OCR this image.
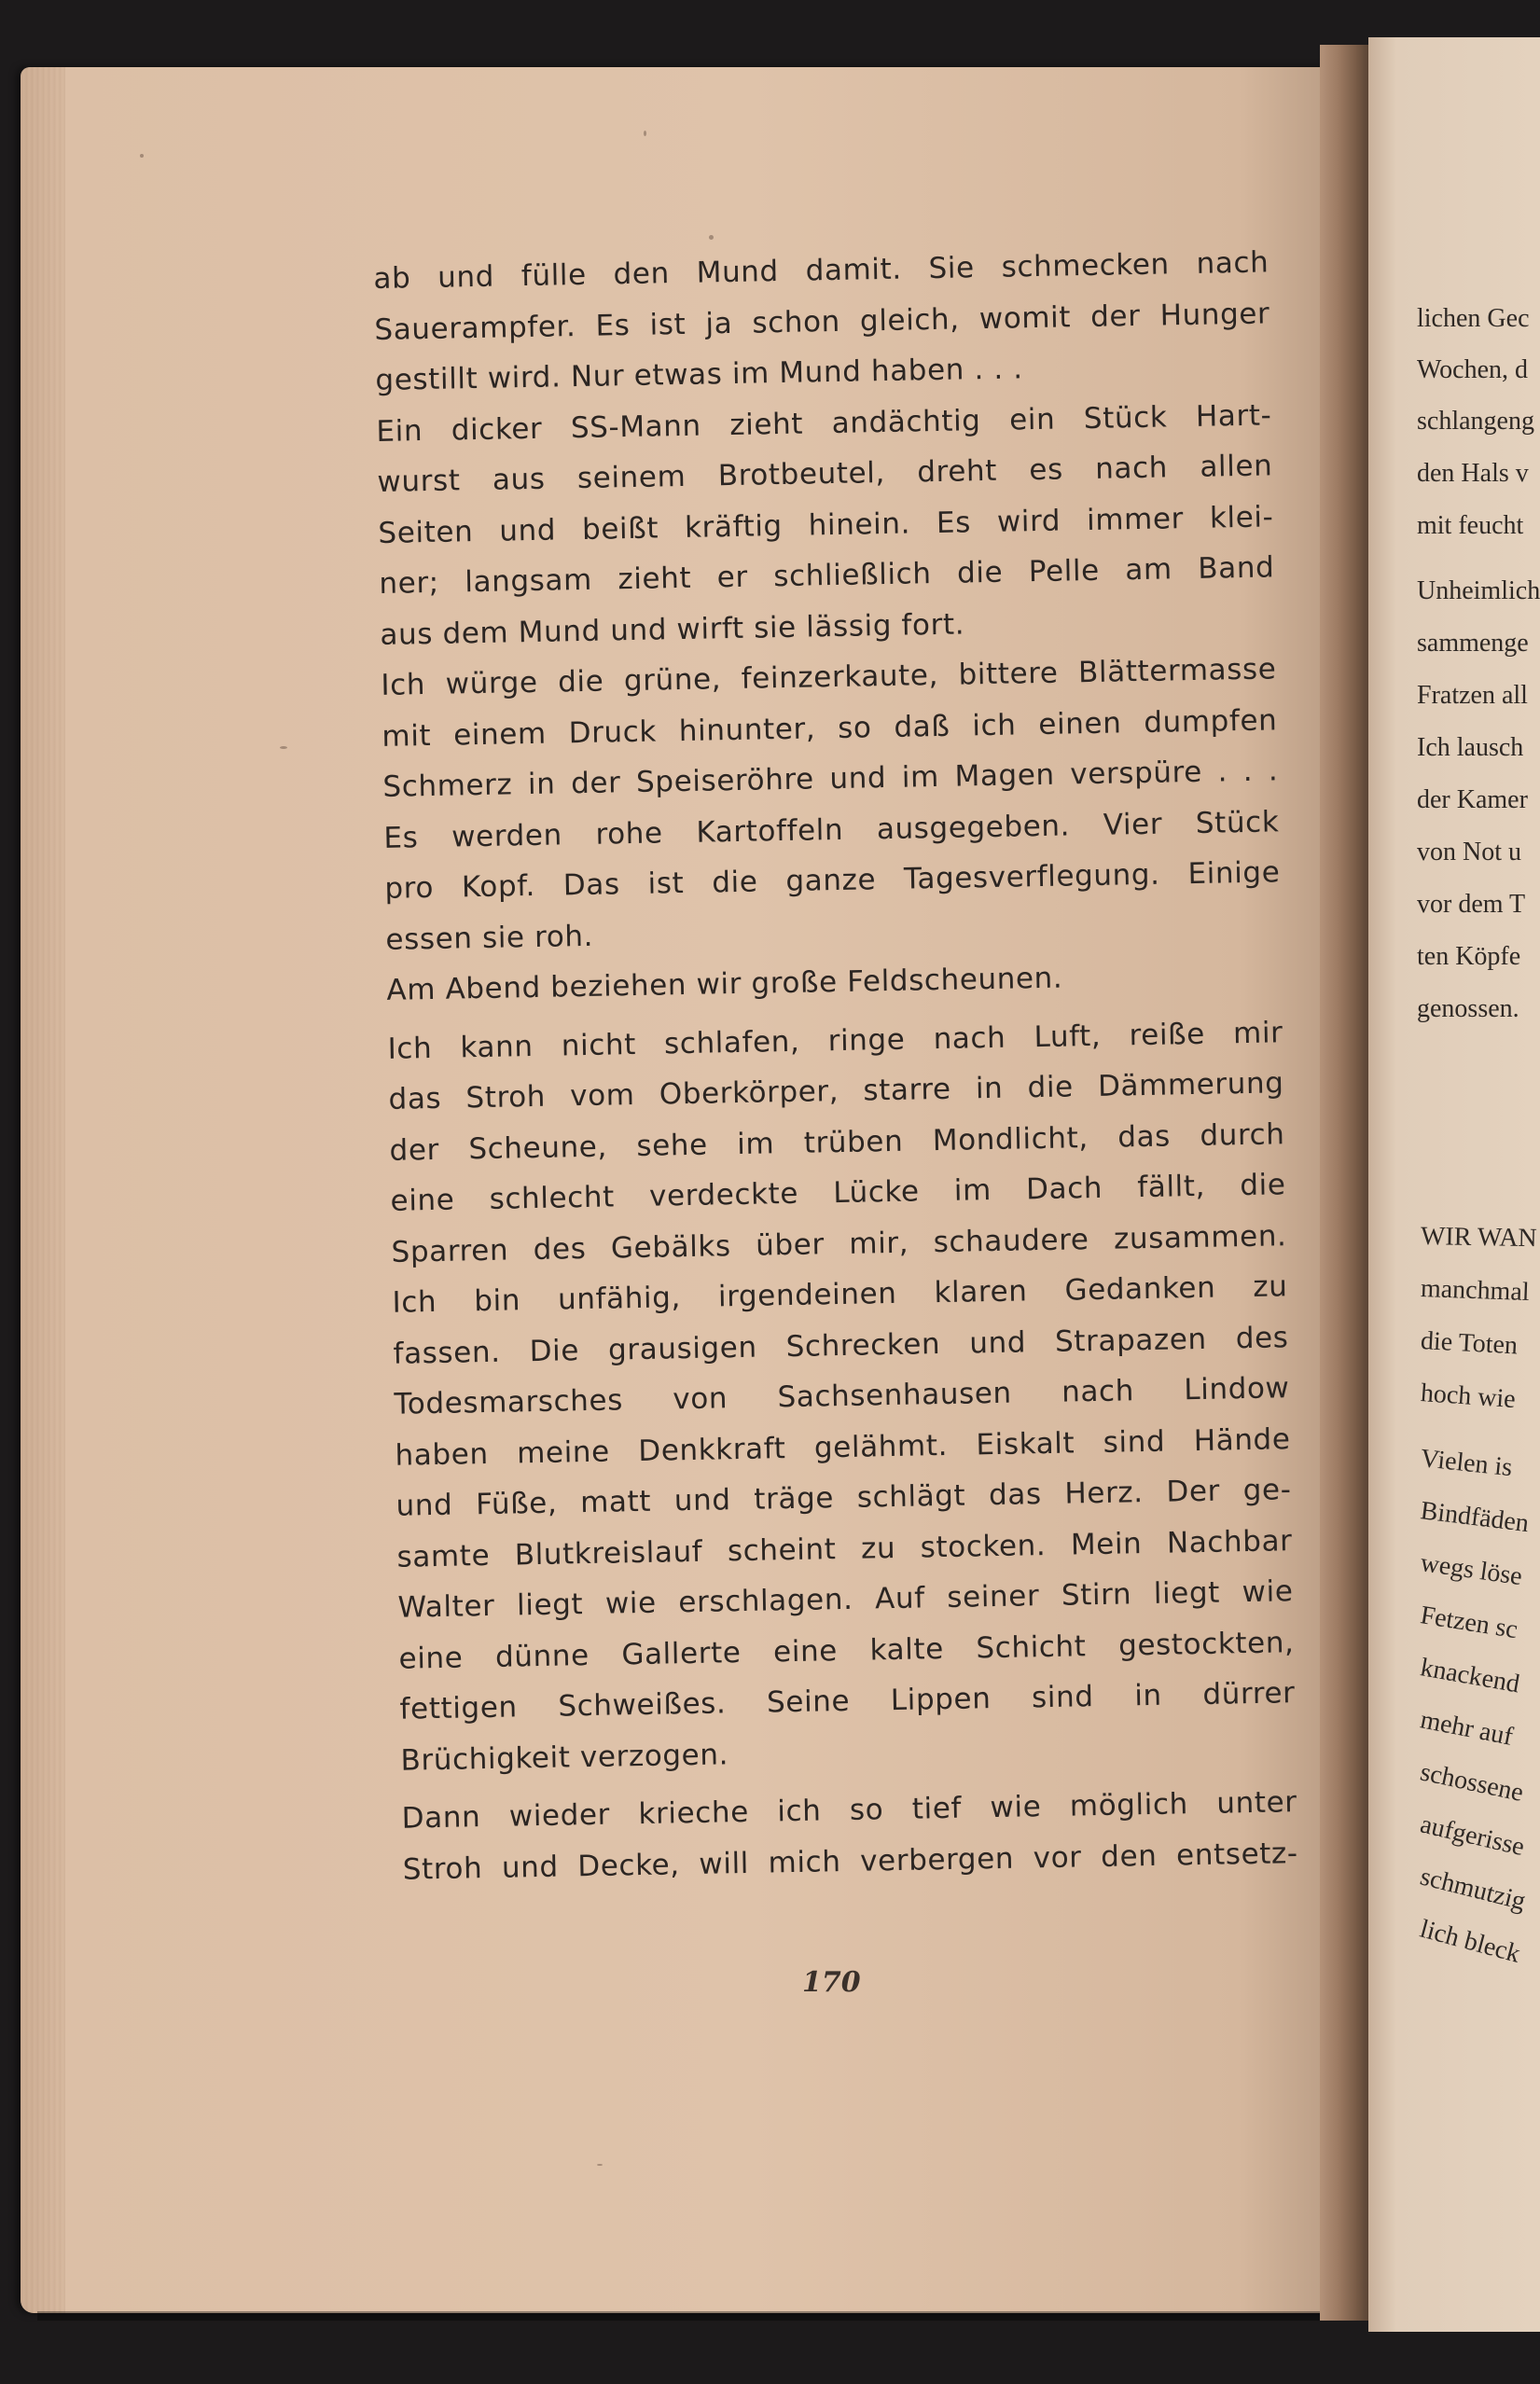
lichen Gec
Wochen, d
schlangeng
den Hals v
mit feucht
Unheimlich
sammenge
Fratzen all
Ich lausch
der Kamer
von Not u
vor dem T
ten Köpfe
genossen.
WIR WAN
manchmal
die Toten
hoch wie
Vielen is
Bindfäden
wegs löse
Fetzen sc
knackend
mehr auf
schossene
aufgerisse
schmutzig
lich bleck
ab und fülle den Mund damit. Sie schmecken nach
Sauerampfer. Es ist ja schon gleich, womit der Hunger
gestillt wird. Nur etwas im Mund haben . . .
Ein dicker SS-Mann zieht andächtig ein Stück Hart-
wurst aus seinem Brotbeutel, dreht es nach allen
Seiten und beißt kräftig hinein. Es wird immer klei-
ner; langsam zieht er schließlich die Pelle am Band
aus dem Mund und wirft sie lässig fort.
Ich würge die grüne, feinzerkaute, bittere Blättermasse
mit einem Druck hinunter, so daß ich einen dumpfen
Schmerz in der Speiseröhre und im Magen verspüre . . .
Es werden rohe Kartoffeln ausgegeben. Vier Stück
pro Kopf. Das ist die ganze Tagesverflegung. Einige
essen sie roh.
Am Abend beziehen wir große Feldscheunen.
Ich kann nicht schlafen, ringe nach Luft, reiße mir
das Stroh vom Oberkörper, starre in die Dämmerung
der Scheune, sehe im trüben Mondlicht, das durch
eine schlecht verdeckte Lücke im Dach fällt, die
Sparren des Gebälks über mir, schaudere zusammen.
Ich bin unfähig, irgendeinen klaren Gedanken zu
fassen. Die grausigen Schrecken und Strapazen des
Todesmarsches von Sachsenhausen nach Lindow
haben meine Denkkraft gelähmt. Eiskalt sind Hände
und Füße, matt und träge schlägt das Herz. Der ge-
samte Blutkreislauf scheint zu stocken. Mein Nachbar
Walter liegt wie erschlagen. Auf seiner Stirn liegt wie
eine dünne Gallerte eine kalte Schicht gestockten,
fettigen Schweißes. Seine Lippen sind in dürrer
Brüchigkeit verzogen.
Dann wieder krieche ich so tief wie möglich unter
Stroh und Decke, will mich verbergen vor den entsetz-
170
